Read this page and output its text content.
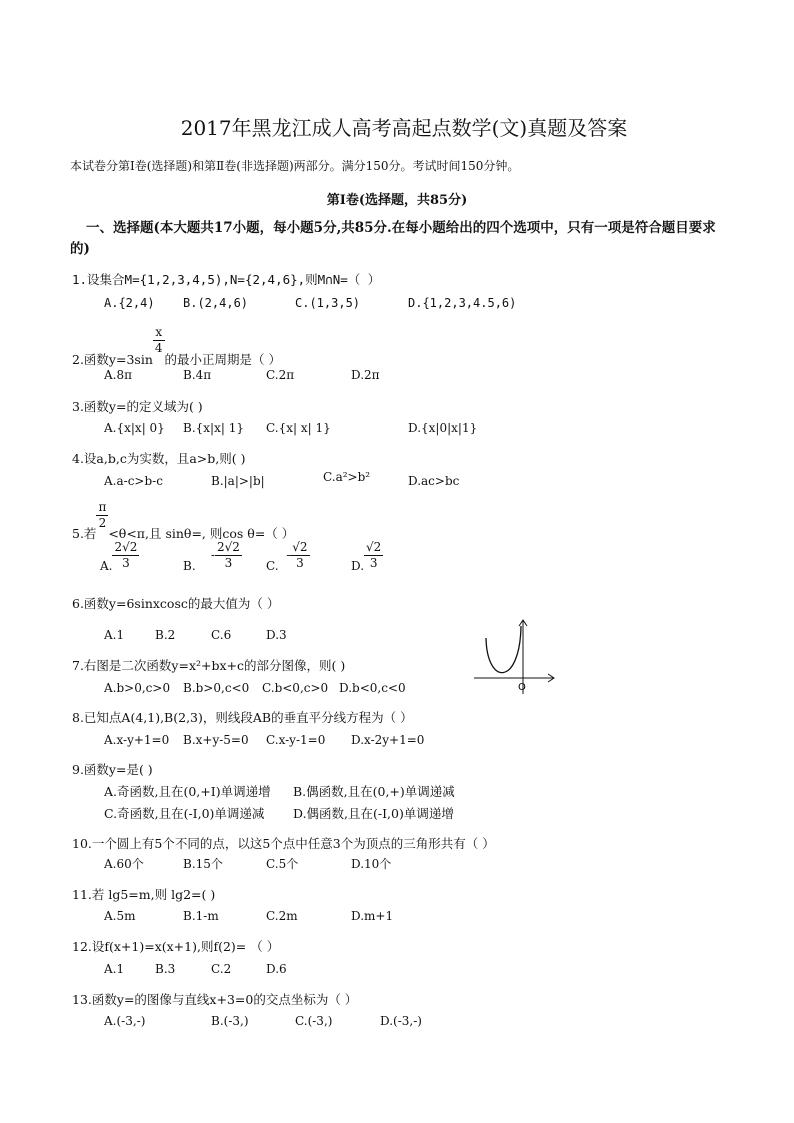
2017年黑龙江成人高考高起点数学(文)真题及答案
本试卷分第Ⅰ卷(选择题)和第Ⅱ卷(非选择题)两部分。满分150分。考试时间150分钟。
第Ⅰ卷(选择题，共85分)
一、选择题(本大题共17小题，每小题5分,共85分.在每小题给出的四个选项中，只有一项是符合题目要求的)
1.设集合M={1,2,3,4,5),N={2,4,6},则M∩N=（ ）
A.{2,4) B.(2,4,6)	C.(1,3,5)	D.{1,2,3,4.5,6)
2.函数y=3sin
$\frac{x}{4}$
的最小正周期是（ ）
A.8π	B.4π	C.2π	D.2π
3.函数y=的定义域为( )
A.{x|x| 0} B.{x|x| 1} C.{x| x| 1}	D.{x|0|x|1}
4.设a,b,c为实数，且a>b,则( )
A.a-c>b-c	B.|a|>|b|	C.a²>b²	D.ac>bc
5.若
$\frac{\pi}{2}$
<θ<π,且 sinθ=, 则cos θ=（ ）
A. $\frac{2√2}{3}$	B.    - $\frac{2√2}{3} C$.  - $\frac{√2}{3}$	D. $\frac{√2}{3}$
6.函数y=6sinxcosc的最大值为（ ）
A.1	B.2	C.6	D.3
O
7.右图是二次函数y=x²+bx+c的部分图像，则( )
A.b>0,c>0 B.b>0,c<0 C.b<0,c>0 D.b<0,c<0
8.已知点A(4,1),B(2,3)，则线段AB的垂直平分线方程为（ ）
A.x-y+1=0 B.x+y-5=0 C.x-y-1=0 D.x-2y+1=0
9.函数y=是( )
A.奇函数,且在(0,+I)单调递增 B.偶函数,且在(0,+)单调递减
C.奇函数,且在(-I,0)单调递减 D.偶函数,且在(-I,0)单调递增
10.一个圆上有5个不同的点，以这5个点中任意3个为顶点的三角形共有（ ）
A.60个	B.15个	C.5个	D.10个
11.若 lg5=m,则 lg2=( )
A.5m	B.1-m	C.2m	D.m+1
12.设f(x+1)=x(x+1),则f(2)= （ ）
A.1	B.3	C.2	D.6
13.函数y=的图像与直线x+3=0的交点坐标为（ ）
A.(-3,-)	B.(-3,)	C.(-3,)	D.(-3,-)
